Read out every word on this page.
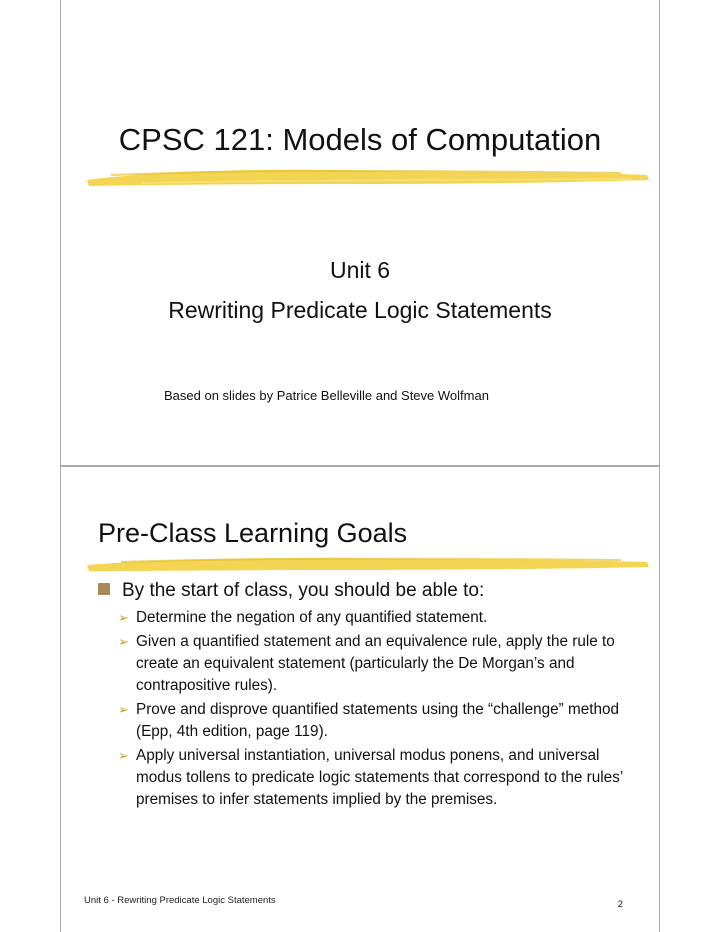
CPSC 121: Models of Computation
Unit 6
Rewriting Predicate Logic Statements
Based on slides by Patrice Belleville and Steve Wolfman
Pre-Class Learning Goals
By the start of class, you should be able to:
➢ Determine the negation of any quantified statement.
➢ Given a quantified statement and an equivalence rule, apply the rule to create an equivalent statement (particularly the De Morgan’s and contrapositive rules).
➢ Prove and disprove quantified statements using the “challenge” method (Epp, 4th edition, page 119).
➢ Apply universal instantiation, universal modus ponens, and universal modus tollens to predicate logic statements that correspond to the rules’ premises to infer statements implied by the premises.
Unit 6 - Rewriting Predicate Logic Statements	2
